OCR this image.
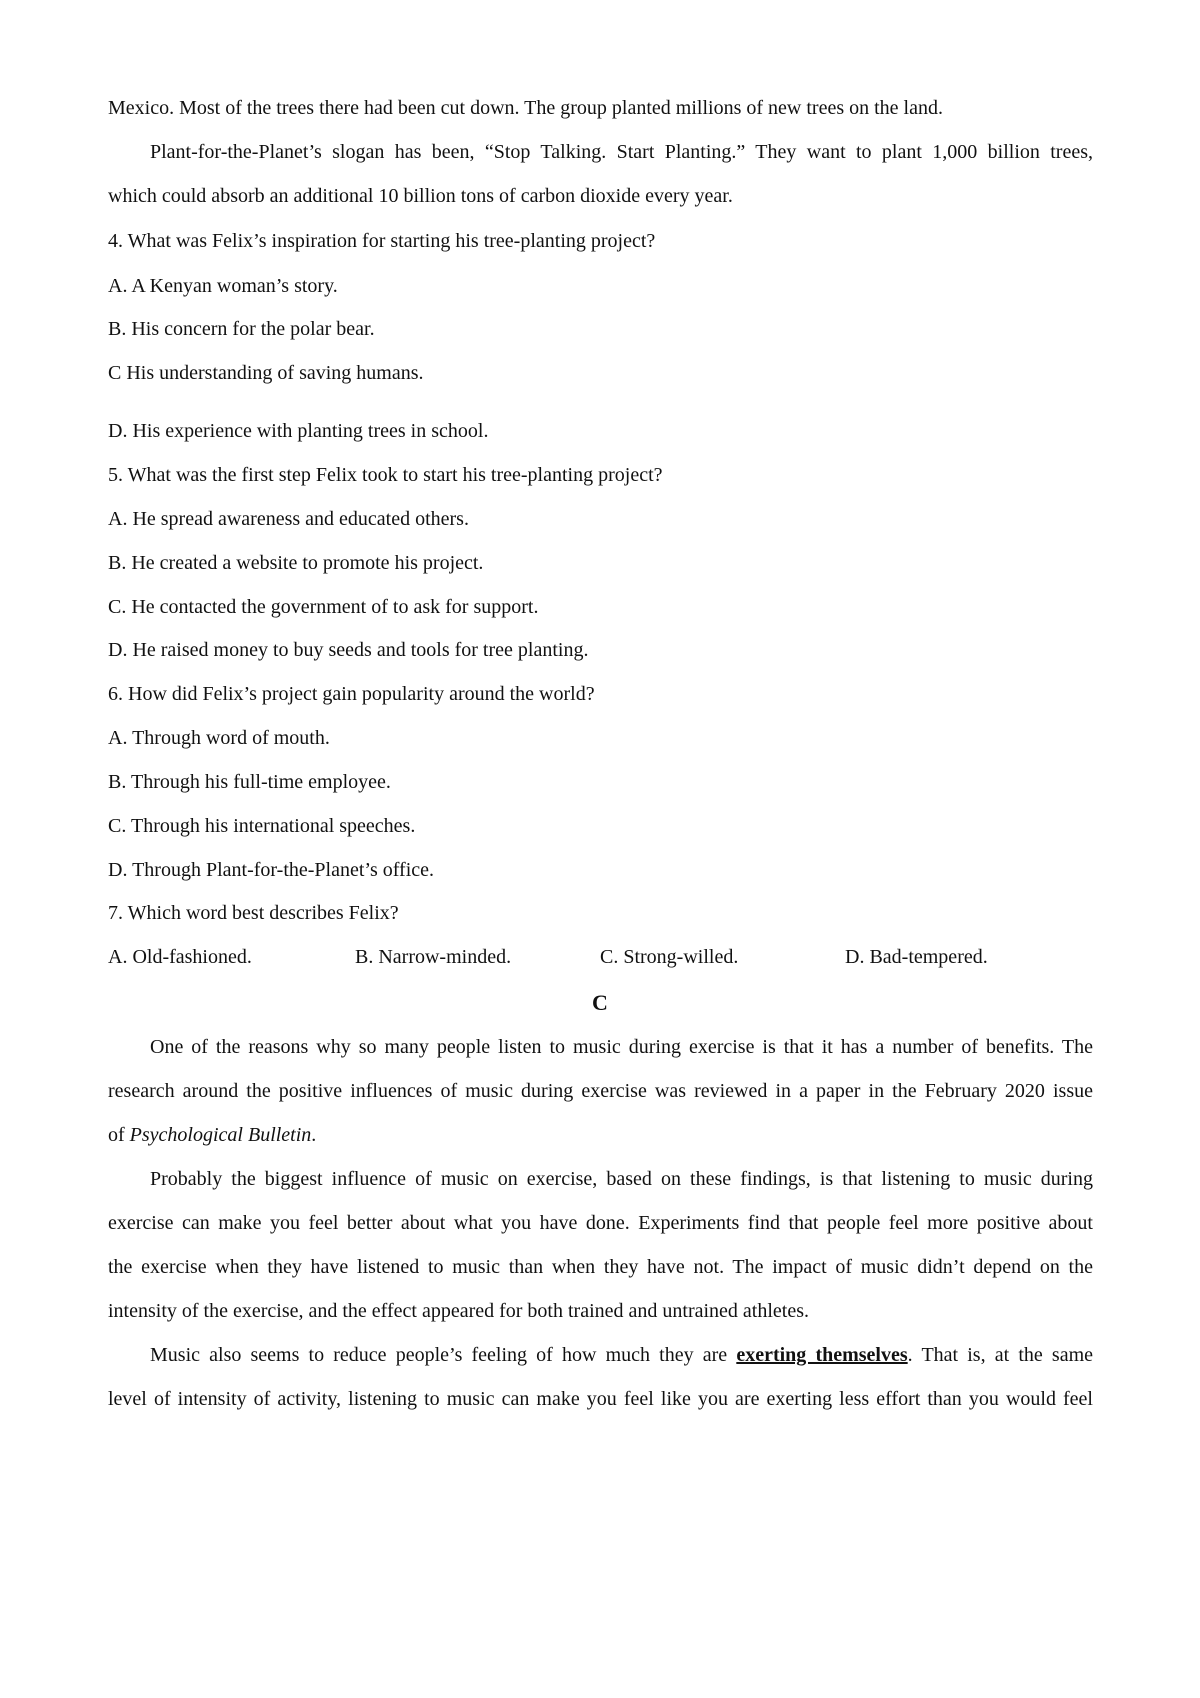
Mexico. Most of the trees there had been cut down. The group planted millions of new trees on the land.

Plant-for-the-Planet’s slogan has been, “Stop Talking. Start Planting.” They want to plant 1,000 billion trees,

which could absorb an additional 10 billion tons of carbon dioxide every year.

4. What was Felix’s inspiration for starting his tree-planting project?

A. A Kenyan woman’s story.

B. His concern for the polar bear.

C His understanding of saving humans.

D. His experience with planting trees in school.

5. What was the first step Felix took to start his tree-planting project?

A. He spread awareness and educated others.

B. He created a website to promote his project.

C. He contacted the government of to ask for support.

D. He raised money to buy seeds and tools for tree planting.

6. How did Felix’s project gain popularity around the world?

A. Through word of mouth.

B. Through his full-time employee.

C. Through his international speeches.

D. Through Plant-for-the-Planet’s office.

7. Which word best describes Felix?

A. Old-fashioned.	B. Narrow-minded.	C. Strong-willed.	D. Bad-tempered.

C

One of the reasons why so many people listen to music during exercise is that it has a number of benefits. The

research around the positive influences of music during exercise was reviewed in a paper in the February 2020 issue

of Psychological Bulletin.

Probably the biggest influence of music on exercise, based on these findings, is that listening to music during

exercise can make you feel better about what you have done. Experiments find that people feel more positive about

the exercise when they have listened to music than when they have not. The impact of music didn’t depend on the

intensity of the exercise, and the effect appeared for both trained and untrained athletes.

Music also seems to reduce people’s feeling of how much they are exerting themselves. That is, at the same

level of intensity of activity, listening to music can make you feel like you are exerting less effort than you would feel
